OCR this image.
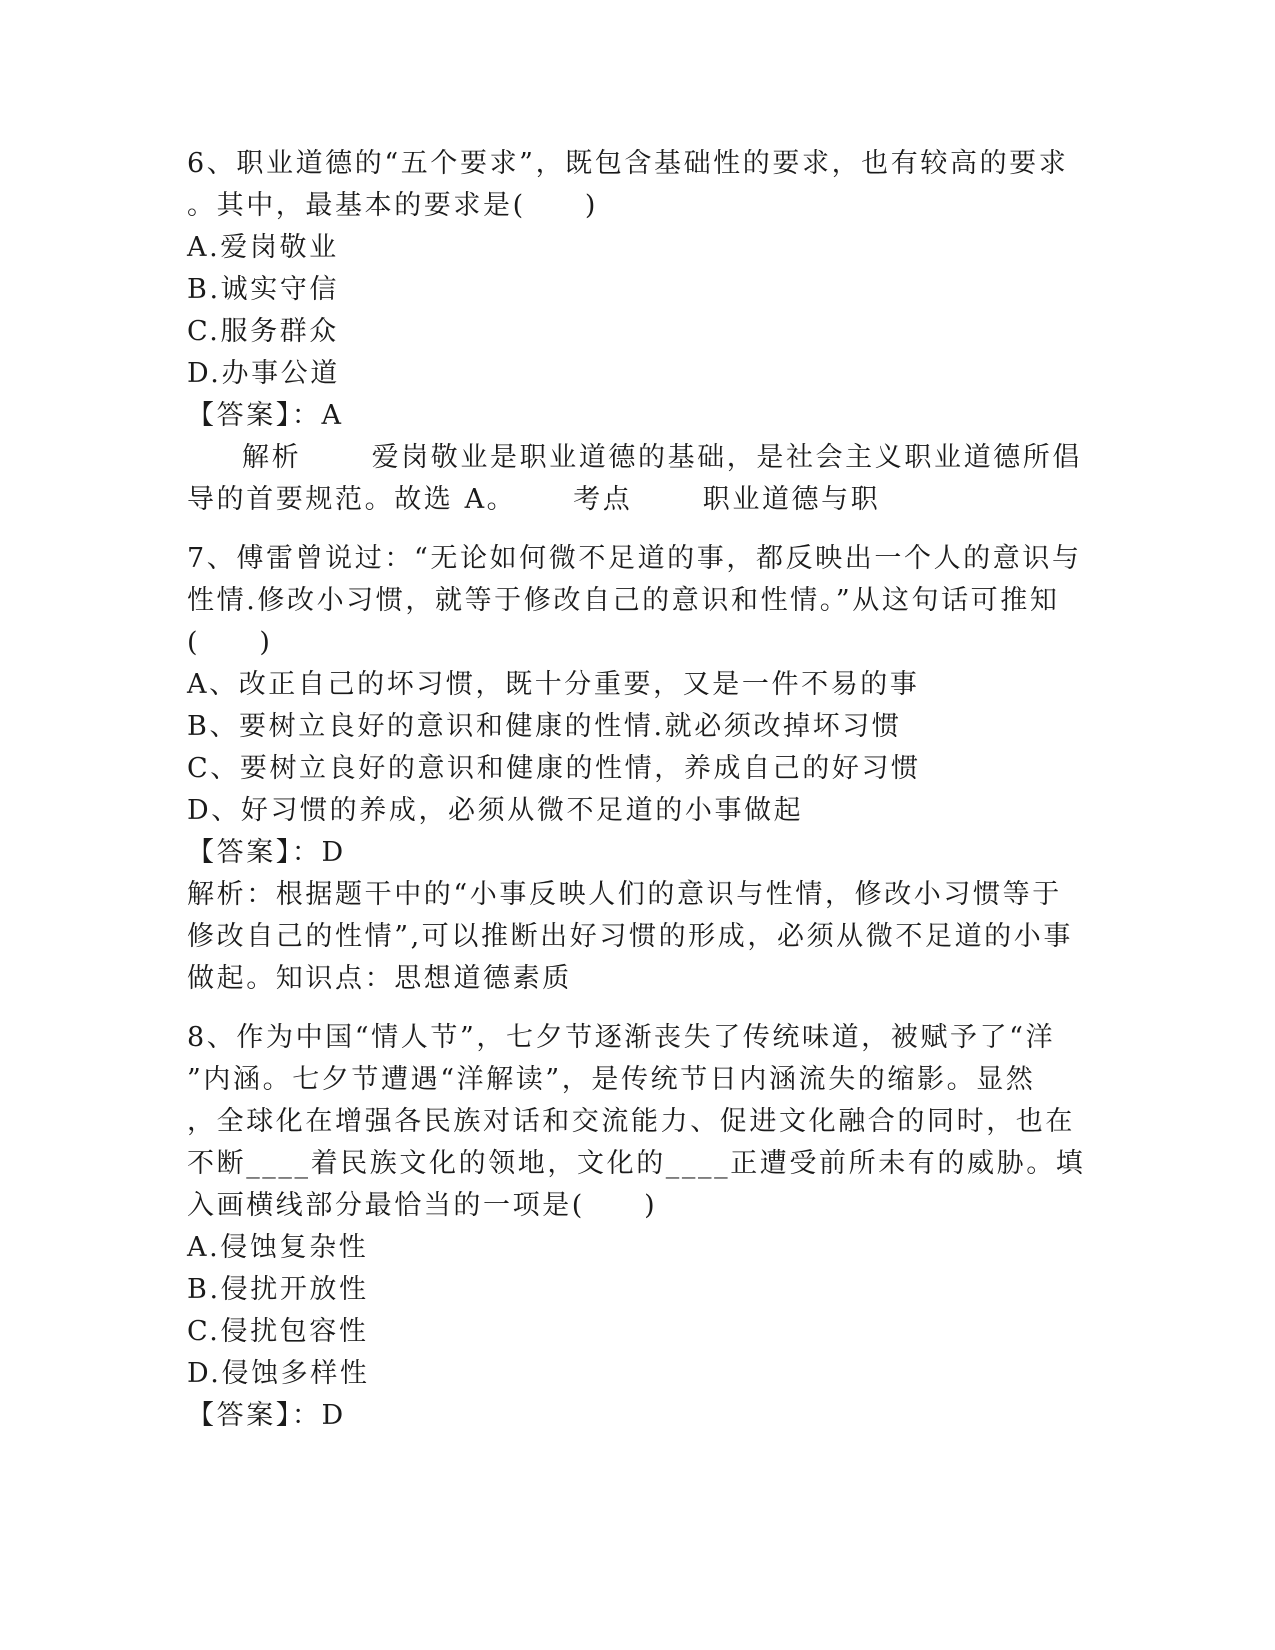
6、职业道德的“五个要求”，既包含基础性的要求，也有较高的要求
。其中，最基本的要求是(　　)
A.爱岗敬业
B.诚实守信
C.服务群众
D.办事公道
【答案】：A
解析　　 爱岗敬业是职业道德的基础，是社会主义职业道德所倡
导的首要规范。故选 A。　　 考点　　 职业道德与职
7、傅雷曾说过：“无论如何微不足道的事，都反映出一个人的意识与
性情.修改小习惯，就等于修改自己的意识和性情。”从这句话可推知
(　　)
A、改正自己的坏习惯，既十分重要，又是一件不易的事
B、要树立良好的意识和健康的性情.就必须改掉坏习惯
C、要树立良好的意识和健康的性情，养成自己的好习惯
D、好习惯的养成，必须从微不足道的小事做起
【答案】：D
解析：根据题干中的“小事反映人们的意识与性情，修改小习惯等于
修改自己的性情”,可以推断出好习惯的形成，必须从微不足道的小事
做起。知识点：思想道德素质
8、作为中国“情人节”，七夕节逐渐丧失了传统味道，被赋予了“洋
”内涵。七夕节遭遇“洋解读”，是传统节日内涵流失的缩影。显然
，全球化在增强各民族对话和交流能力、促进文化融合的同时，也在
不断____着民族文化的领地，文化的____正遭受前所未有的威胁。填
入画横线部分最恰当的一项是(　　)
A.侵蚀复杂性
B.侵扰开放性
C.侵扰包容性
D.侵蚀多样性
【答案】：D
